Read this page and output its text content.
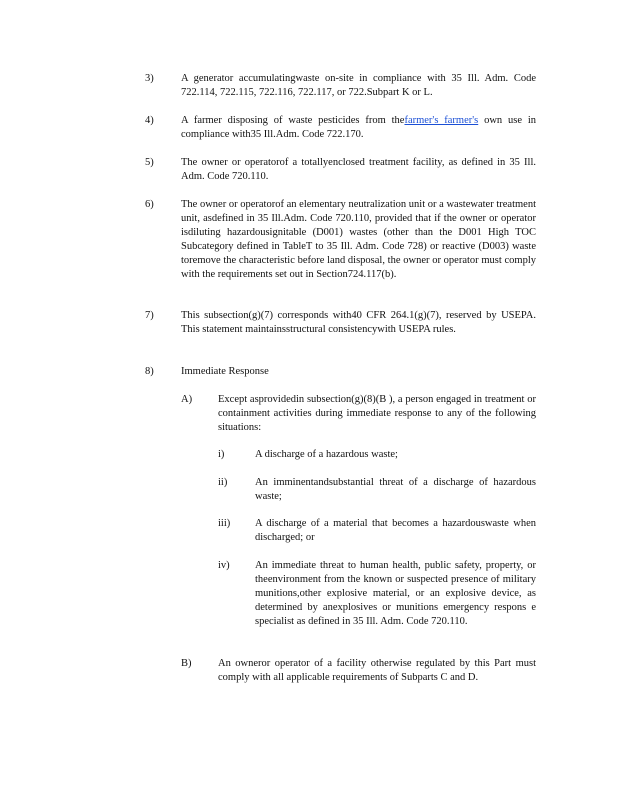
3)	A generator accumulatingwaste on-site in compliance with 35 Ill. Adm. Code 722.114, 722.115, 722.116, 722.117, or 722.Subpart K or L.
4)	A farmer disposing of waste pesticides from thefarmer's farmer's own use in compliance with35 Ill.Adm. Code 722.170.
5)	The owner or operatorof a totallyenclosed treatment facility, as defined in 35 Ill. Adm. Code 720.110.
6)	The owner or operatorof an elementary neutralization unit or a wastewater treatment unit, asdefined in 35 Ill.Adm. Code 720.110, provided that if the owner or operator isdiluting hazardousignitable (D001) wastes (other than the D001 High TOC Subcategory defined in TableT to 35 Ill. Adm. Code 728) or reactive (D003) waste toremove the characteristic before land disposal, the owner or operator must comply with the requirements set out in Section724.117(b).
7)	This subsection(g)(7) corresponds with40 CFR 264.1(g)(7), reserved by USEPA. This statement maintainsstructural consistencywith USEPA rules.
8)	Immediate Response
A) Except asprovidedin subsection(g)(8)(B ), a person engaged in treatment or containment activities during immediate response to any of the following situations:
i)	A discharge of a hazardous waste;
ii)	An imminentandsubstantial threat of a discharge of hazardous waste;
iii) A discharge of a material that becomes a hazardouswaste when discharged; or
iv) An immediate threat to human health, public safety, property, or theenvironment from the known or suspected presence of military munitions,other explosive material, or an explosive device, as determined by anexplosives or munitions emergency respons e specialist as defined in 35 Ill. Adm. Code 720.110.
B)	An owneror operator of a facility otherwise regulated by this Part must comply with all applicable requirements of Subparts C and D.
